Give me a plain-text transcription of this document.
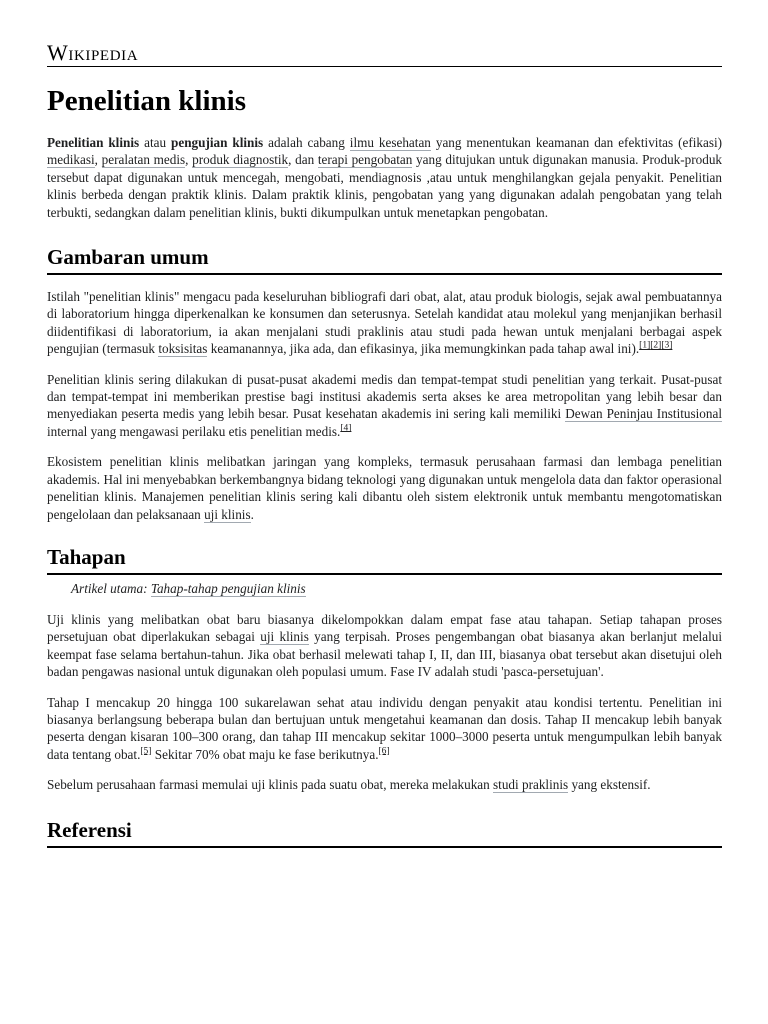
Wikipedia
Penelitian klinis

Penelitian klinis atau pengujian klinis adalah cabang ilmu kesehatan yang menentukan keamanan dan efektivitas (efikasi) medikasi, peralatan medis, produk diagnostik, dan terapi pengobatan yang ditujukan untuk digunakan manusia. Produk-produk tersebut dapat digunakan untuk mencegah, mengobati, mendiagnosis ,atau untuk menghilangkan gejala penyakit. Penelitian klinis berbeda dengan praktik klinis. Dalam praktik klinis, pengobatan yang yang digunakan adalah pengobatan yang telah terbukti, sedangkan dalam penelitian klinis, bukti dikumpulkan untuk menetapkan pengobatan.

Gambaran umum

Istilah "penelitian klinis" mengacu pada keseluruhan bibliografi dari obat, alat, atau produk biologis, sejak awal pembuatannya di laboratorium hingga diperkenalkan ke konsumen dan seterusnya. Setelah kandidat atau molekul yang menjanjikan berhasil diidentifikasi di laboratorium, ia akan menjalani studi praklinis atau studi pada hewan untuk menjalani berbagai aspek pengujian (termasuk toksisitas keamanannya, jika ada, dan efikasinya, jika memungkinkan pada tahap awal ini).[1][2][3]

Penelitian klinis sering dilakukan di pusat-pusat akademi medis dan tempat-tempat studi penelitian yang terkait. Pusat-pusat dan tempat-tempat ini memberikan prestise bagi institusi akademis serta akses ke area metropolitan yang lebih besar dan menyediakan peserta medis yang lebih besar. Pusat kesehatan akademis ini sering kali memiliki Dewan Peninjau Institusional internal yang mengawasi perilaku etis penelitian medis.[4]

Ekosistem penelitian klinis melibatkan jaringan yang kompleks, termasuk perusahaan farmasi dan lembaga penelitian akademis. Hal ini menyebabkan berkembangnya bidang teknologi yang digunakan untuk mengelola data dan faktor operasional penelitian klinis. Manajemen penelitian klinis sering kali dibantu oleh sistem elektronik untuk membantu mengotomatiskan pengelolaan dan pelaksanaan uji klinis.

Tahapan
Artikel utama: Tahap-tahap pengujian klinis

Uji klinis yang melibatkan obat baru biasanya dikelompokkan dalam empat fase atau tahapan. Setiap tahapan proses persetujuan obat diperlakukan sebagai uji klinis yang terpisah. Proses pengembangan obat biasanya akan berlanjut melalui keempat fase selama bertahun-tahun. Jika obat berhasil melewati tahap I, II, dan III, biasanya obat tersebut akan disetujui oleh badan pengawas nasional untuk digunakan oleh populasi umum. Fase IV adalah studi 'pasca-persetujuan'.

Tahap I mencakup 20 hingga 100 sukarelawan sehat atau individu dengan penyakit atau kondisi tertentu. Penelitian ini biasanya berlangsung beberapa bulan dan bertujuan untuk mengetahui keamanan dan dosis. Tahap II mencakup lebih banyak peserta dengan kisaran 100–300 orang, dan tahap III mencakup sekitar 1000–3000 peserta untuk mengumpulkan lebih banyak data tentang obat.[5] Sekitar 70% obat maju ke fase berikutnya.[6]

Sebelum perusahaan farmasi memulai uji klinis pada suatu obat, mereka melakukan studi praklinis yang ekstensif.

Referensi
